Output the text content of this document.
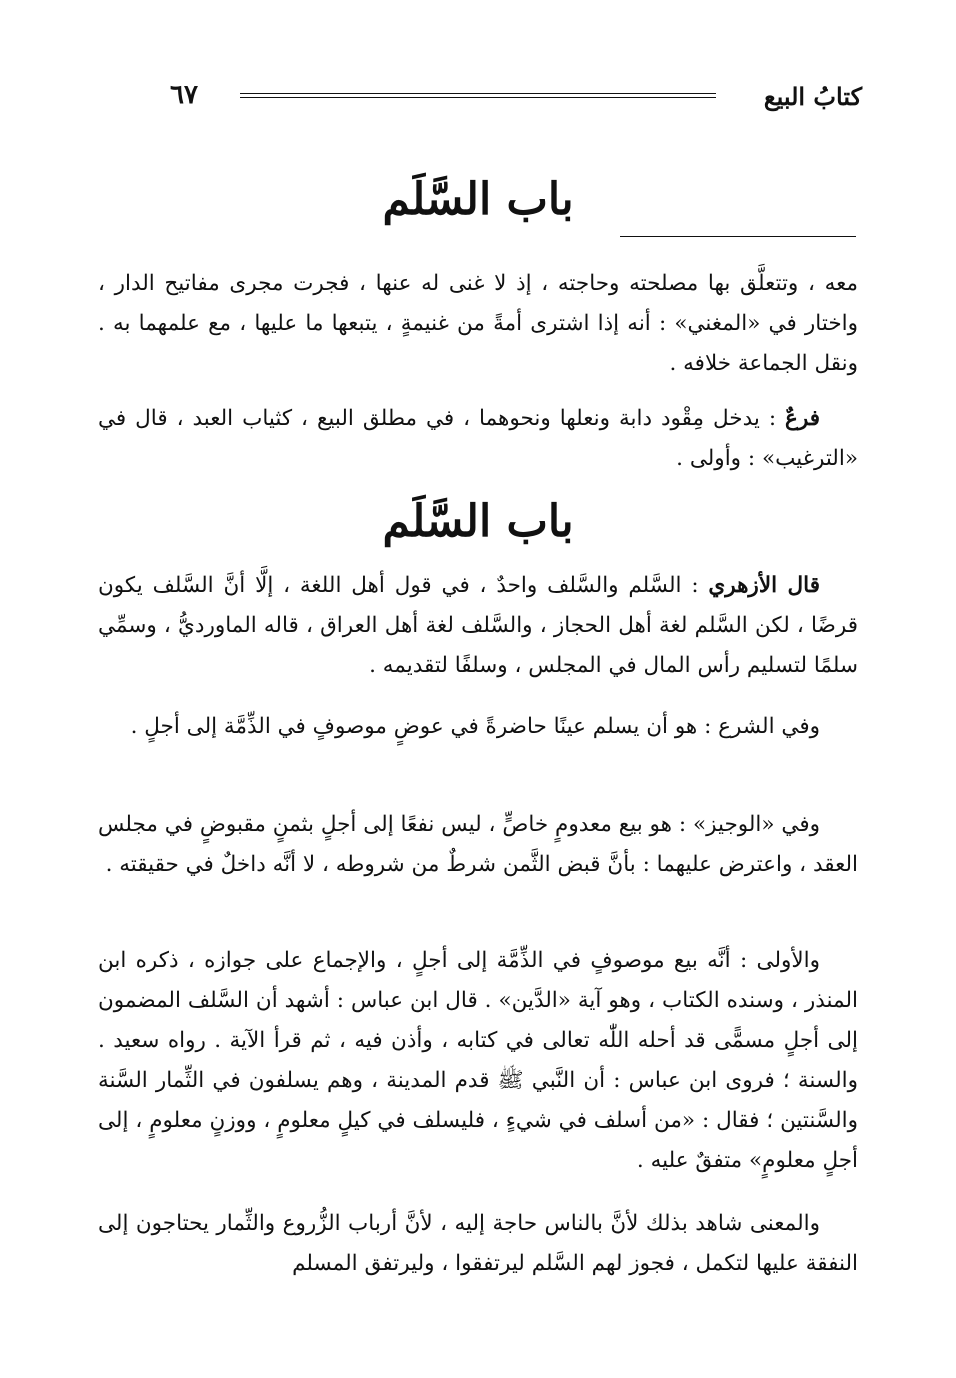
كتابُ البيع
٦٧
باب السَّلَم

معه ، وتتعلَّق بها مصلحته وحاجته ، إذ لا غنى له عنها ، فجرت مجرى مفاتيح الدار ، واختار في «المغني» : أنه إذا اشترى أمةً من غنيمةٍ ، يتبعها ما عليها ، مع علمهما به . ونقل الجماعة خلافه .

فرعٌ : يدخل مِقْود دابة ونعلها ونحوهما ، في مطلق البيع ، كثياب العبد ، قال في «الترغيب» : وأولى .

باب السَّلَم

قال الأزهري : السَّلم والسَّلف واحدٌ ، في قول أهل اللغة ، إلَّا أنَّ السَّلف يكون قرضًا ، لكن السَّلم لغة أهل الحجاز ، والسَّلف لغة أهل العراق ، قاله الماورديُّ ، وسمِّي سلمًا لتسليم رأس المال في المجلس ، وسلفًا لتقديمه .

وفي الشرع : هو أن يسلم عينًا حاضرةً في عوضٍ موصوفٍ في الذِّمَّة إلى أجلٍ .

وفي «الوجيز» : هو بيع معدومٍ خاصٍّ ، ليس نفعًا إلى أجلٍ بثمنٍ مقبوضٍ في مجلس العقد ، واعترض عليهما : بأنَّ قبض الثَّمن شرطٌ من شروطه ، لا أنَّه داخلٌ في حقيقته .

والأولى : أنَّه بيع موصوفٍ في الذِّمَّة إلى أجلٍ ، والإجماع على جوازه ، ذكره ابن المنذر ، وسنده الكتاب ، وهو آية «الدَّين» . قال ابن عباس : أشهد أن السَّلف المضمون إلى أجلٍ مسمًّى قد أحله اللّٰه تعالى في كتابه ، وأذن فيه ، ثم قرأ الآية . رواه سعيد . والسنة ؛ فروى ابن عباس : أن النَّبي ﷺ قدم المدينة ، وهم يسلفون في الثِّمار السَّنة والسَّنتين ؛ فقال : «من أسلف في شيءٍ ، فليسلف في كيلٍ معلومٍ ، ووزنٍ معلومٍ ، إلى أجلٍ معلومٍ» متفقٌ عليه .

والمعنى شاهد بذلك لأنَّ بالناس حاجة إليه ، لأنَّ أرباب الزُّروع والثِّمار يحتاجون إلى النفقة عليها لتكمل ، فجوز لهم السَّلم ليرتفقوا ، وليرتفق المسلم
